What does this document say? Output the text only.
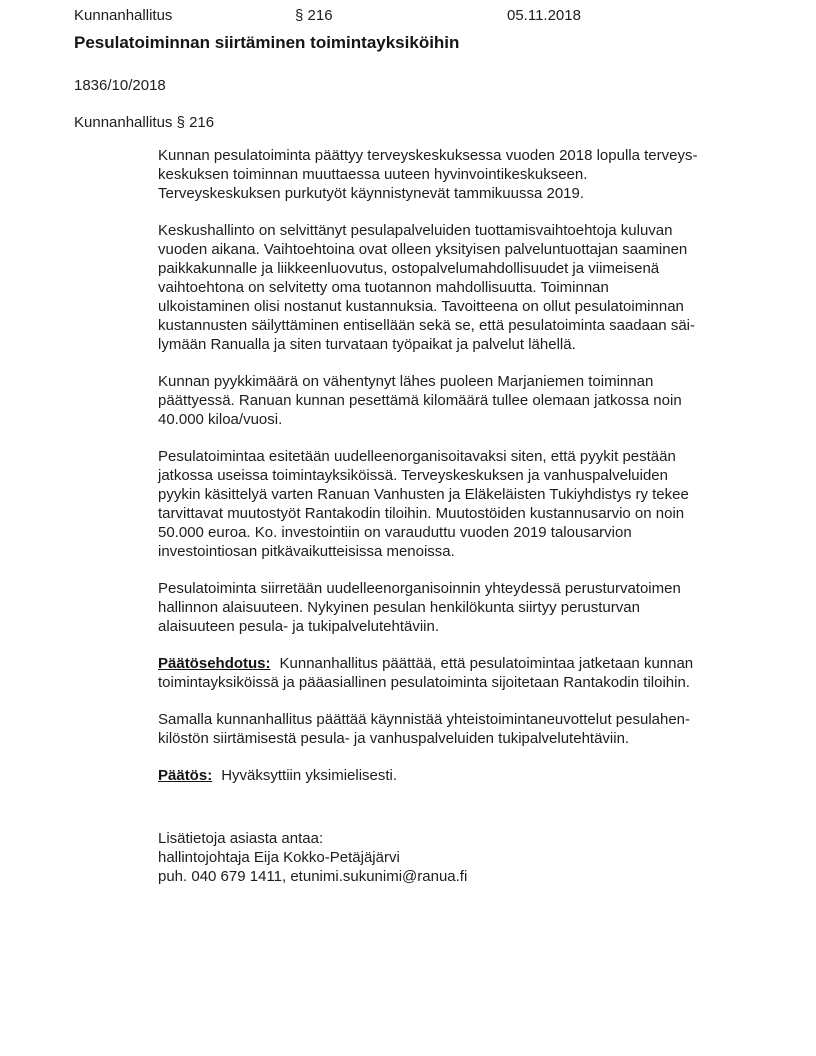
Kunnanhallitus	§ 216	05.11.2018
Pesulatoiminnan siirtäminen toimintayksiköihin
1836/10/2018
Kunnanhallitus § 216
Kunnan pesulatoiminta päättyy terveyskeskuksessa vuoden 2018 lopulla terveys-
keskuksen toiminnan muuttaessa uuteen hyvinvointikeskukseen.
Terveyskeskuksen purkutyöt käynnistynevät tammikuussa 2019.
Keskushallinto on selvittänyt pesulapalveluiden tuottamisvaihtoehtoja kuluvan
vuoden aikana. Vaihtoehtoina ovat olleen yksityisen palveluntuottajan saaminen
paikkakunnalle ja liikkeenluovutus, ostopalvelumahdollisuudet ja viimeisenä
vaihtoehtona on selvitetty oma tuotannon mahdollisuutta. Toiminnan
ulkoistaminen olisi nostanut kustannuksia. Tavoitteena on ollut pesulatoiminnan
kustannusten säilyttäminen entisellään sekä se, että pesulatoiminta saadaan säi-
lymään Ranualla ja siten turvataan työpaikat ja palvelut lähellä.
Kunnan pyykkimäärä on vähentynyt lähes puoleen Marjaniemen toiminnan
päättyessä. Ranuan kunnan pesettämä kilomäärä tullee olemaan jatkossa noin
40.000 kiloa/vuosi.
Pesulatoimintaa esitetään uudelleenorganisoitavaksi siten, että pyykit pestään
jatkossa useissa toimintayksiköissä. Terveyskeskuksen ja vanhuspalveluiden
pyykin käsittelyä varten Ranuan Vanhusten ja Eläkeläisten Tukiyhdistys ry tekee
tarvittavat muutostyöt Rantakodin tiloihin. Muutostöiden kustannusarvio on noin
50.000 euroa. Ko. investointiin on varauduttu vuoden 2019 talousarvion
investointiosan pitkävaikutteisissa menoissa.
Pesulatoiminta siirretään uudelleenorganisoinnin yhteydessä perusturvatoimen
hallinnon alaisuuteen. Nykyinen pesulan henkilökunta siirtyy perusturvan
alaisuuteen pesula- ja tukipalvelutehtäviin.
Päätösehdotus: Kunnanhallitus päättää, että pesulatoimintaa jatketaan kunnan
toimintayksiköissä ja pääasiallinen pesulatoiminta sijoitetaan Rantakodin tiloihin.
Samalla kunnanhallitus päättää käynnistää yhteistoimintaneuvottelut pesulahen-
kilöstön siirtämisestä pesula- ja vanhuspalveluiden tukipalvelutehtäviin.
Päätös: Hyväksyttiin yksimielisesti.
Lisätietoja asiasta antaa:
hallintojohtaja Eija Kokko-Petäjäjärvi
puh. 040 679 1411, etunimi.sukunimi@ranua.fi
